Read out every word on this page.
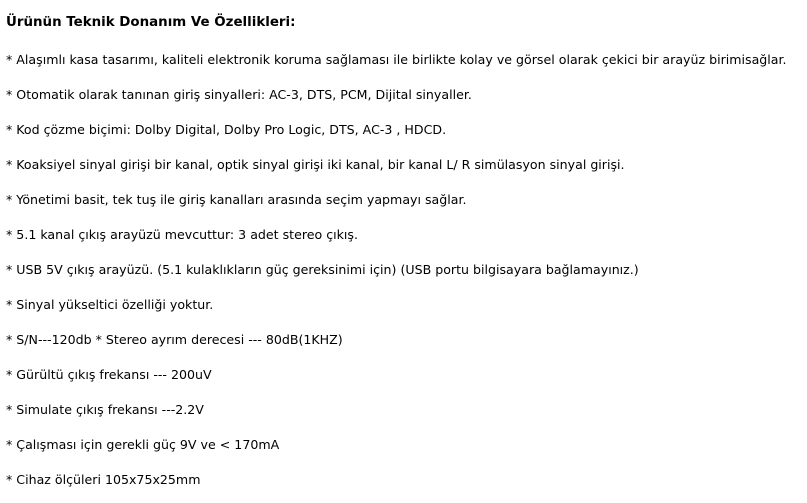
Ürünün Teknik Donanım Ve Özellikleri:
* Alaşımlı kasa tasarımı, kaliteli elektronik koruma sağlaması ile birlikte kolay ve görsel olarak çekici bir arayüz birimisağlar.
* Otomatik olarak tanınan giriş sinyalleri: AC-3, DTS, PCM, Dijital sinyaller.
* Kod çözme biçimi: Dolby Digital, Dolby Pro Logic, DTS, AC-3 , HDCD.
* Koaksiyel sinyal girişi bir kanal, optik sinyal girişi iki kanal, bir kanal L/ R simülasyon sinyal girişi.
* Yönetimi basit, tek tuş ile giriş kanalları arasında seçim yapmayı sağlar.
* 5.1 kanal çıkış arayüzü mevcuttur: 3 adet stereo çıkış.
* USB 5V çıkış arayüzü. (5.1 kulaklıkların güç gereksinimi için) (USB portu bilgisayara bağlamayınız.)
* Sinyal yükseltici özelliği yoktur.
* S/N---120db * Stereo ayrım derecesi --- 80dB(1KHZ)
* Gürültü çıkış frekansı --- 200uV
* Simulate çıkış frekansı ---2.2V
* Çalışması için gerekli güç 9V ve < 170mA
* Cihaz ölçüleri 105x75x25mm
